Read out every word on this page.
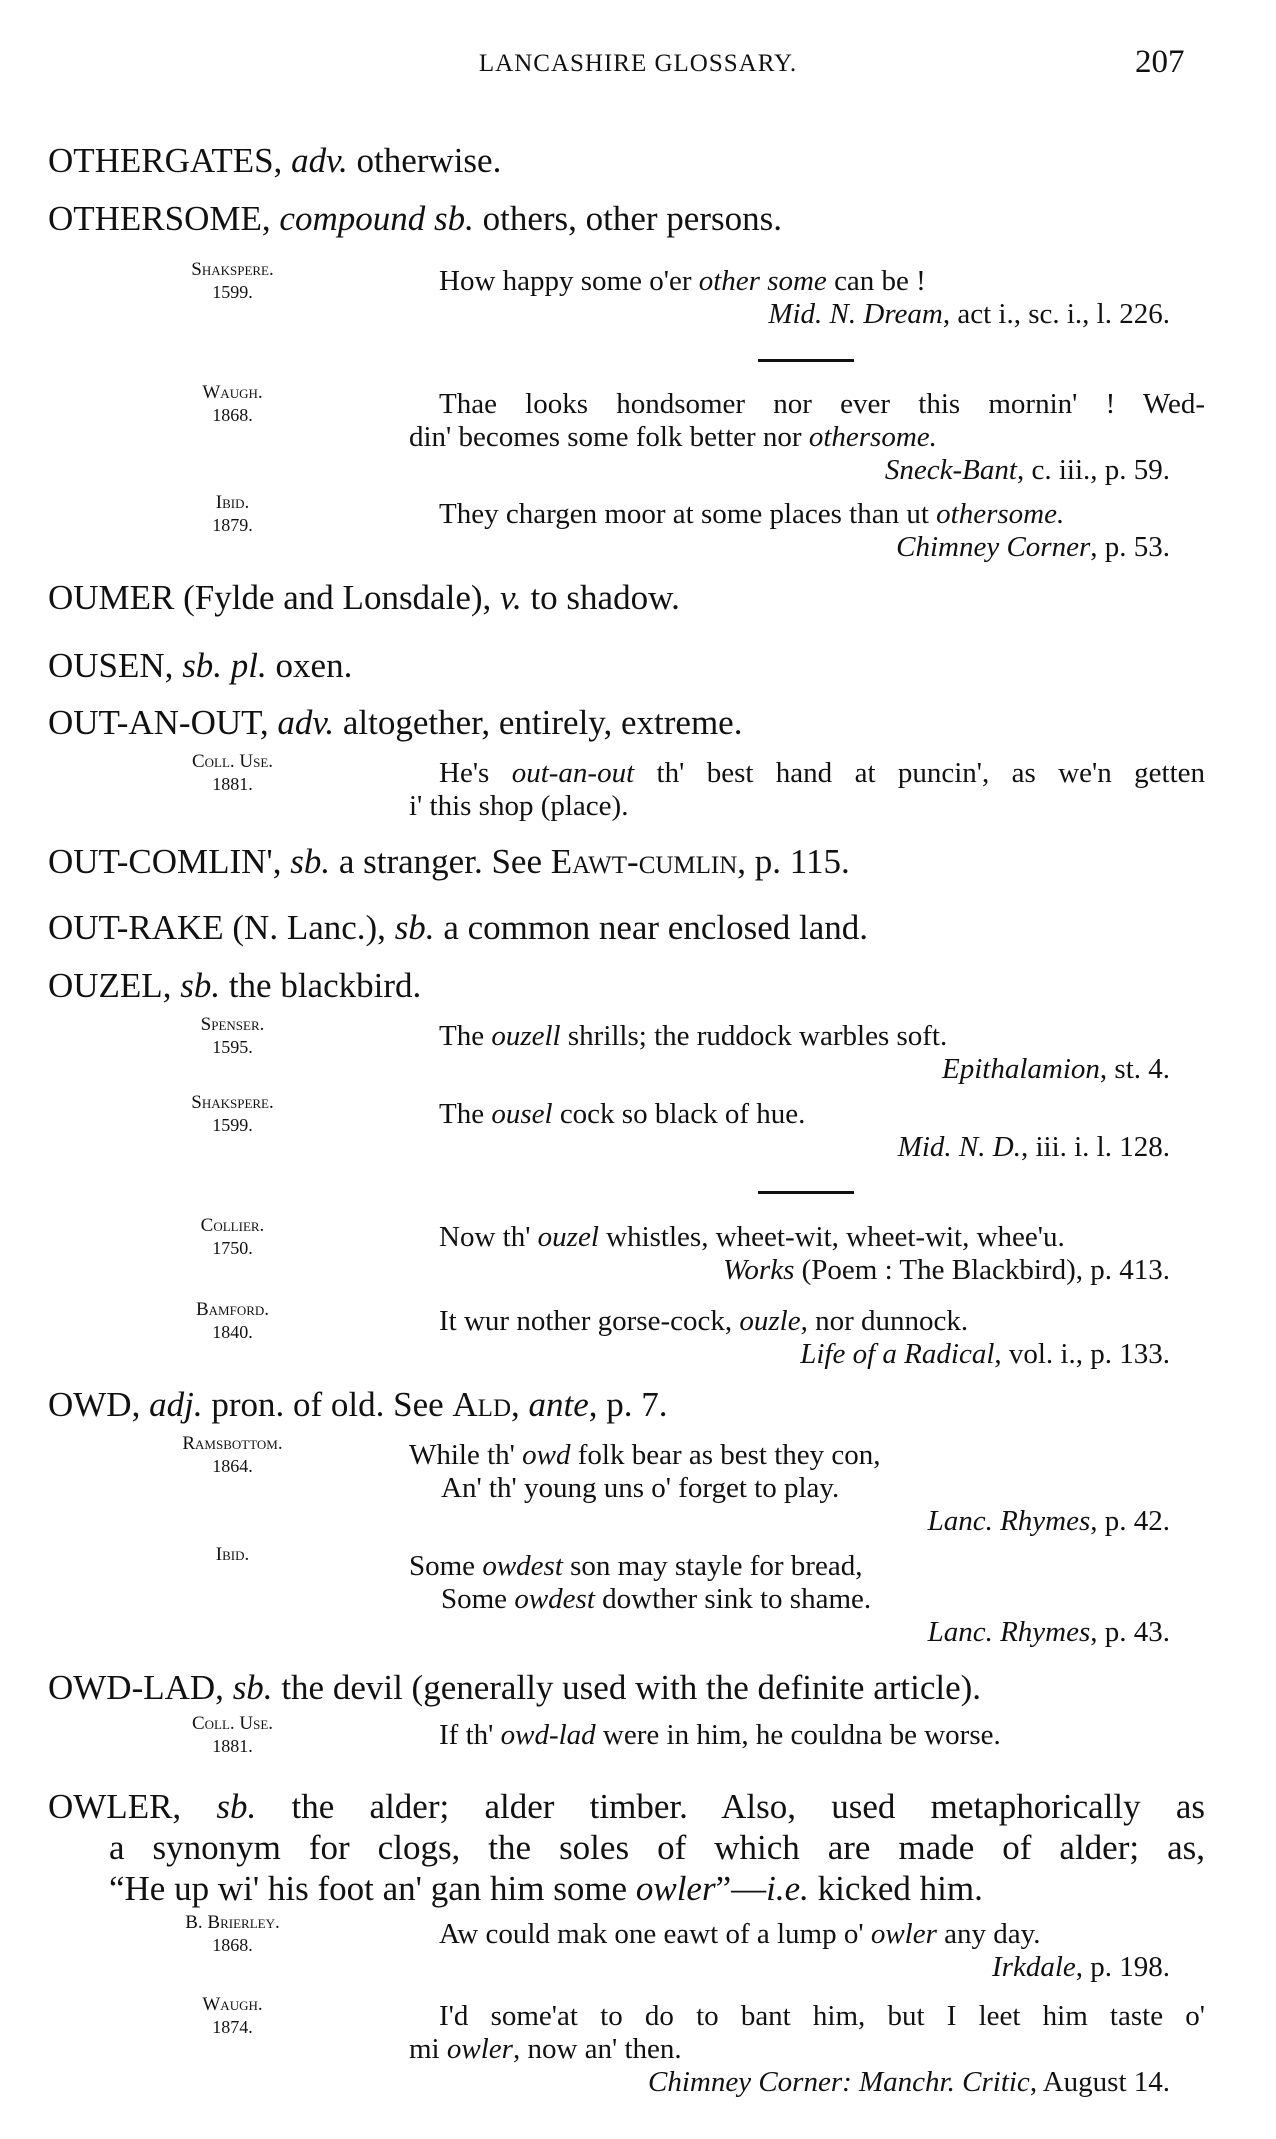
LANCASHIRE GLOSSARY.	207
OTHERGATES, adv. otherwise.
OTHERSOME, compound sb. others, other persons.
Shakspere.
1599.	How happy some o'er other some can be !
Mid. N. Dream, act i., sc. i., l. 226.
Waugh.
1868.	Thae looks hondsomer nor ever this mornin' ! Wed-
din' becomes some folk better nor othersome.
Sneck-Bant, c. iii., p. 59.
Ibid.
1879.	They chargen moor at some places than ut othersome.
Chimney Corner, p. 53.
OUMER (Fylde and Lonsdale), v. to shadow.
OUSEN, sb. pl. oxen.
OUT-AN-OUT, adv. altogether, entirely, extreme.
Coll. Use.
1881.	He's out-an-out th' best hand at puncin', as we'n getten
i' this shop (place).
OUT-COMLIN', sb. a stranger. See Eawt-cumlin, p. 115.
OUT-RAKE (N. Lanc.), sb. a common near enclosed land.
OUZEL, sb. the blackbird.
Spenser.
1595.	The ouzell shrills; the ruddock warbles soft.
Epithalamion, st. 4.
Shakspere.
1599.	The ousel cock so black of hue.
Mid. N. D., iii. i. l. 128.
Collier.
1750.	Now th' ouzel whistles, wheet-wit, wheet-wit, whee'u.
Works (Poem : The Blackbird), p. 413.
Bamford.
1840.	It wur nother gorse-cock, ouzle, nor dunnock.
Life of a Radical, vol. i., p. 133.
OWD, adj. pron. of old. See Ald, ante, p. 7.
Ramsbottom.
1864.	While th' owd folk bear as best they con,
An' th' young uns o' forget to play.
Lanc. Rhymes, p. 42.
Ibid.	Some owdest son may stayle for bread,
Some owdest dowther sink to shame.
Lanc. Rhymes, p. 43.
OWD-LAD, sb. the devil (generally used with the definite article).
Coll. Use.
1881.	If th' owd-lad were in him, he couldna be worse.
OWLER, sb. the alder; alder timber. Also, used metaphorically as
a synonym for clogs, the soles of which are made of alder; as,
“He up wi' his foot an' gan him some owler”—i.e. kicked him.
B. Brierley.
1868.	Aw could mak one eawt of a lump o' owler any day.
Irkdale, p. 198.
Waugh.
1874.	I'd some'at to do to bant him, but I leet him taste o'
mi owler, now an' then.
Chimney Corner: Manchr. Critic, August 14.
